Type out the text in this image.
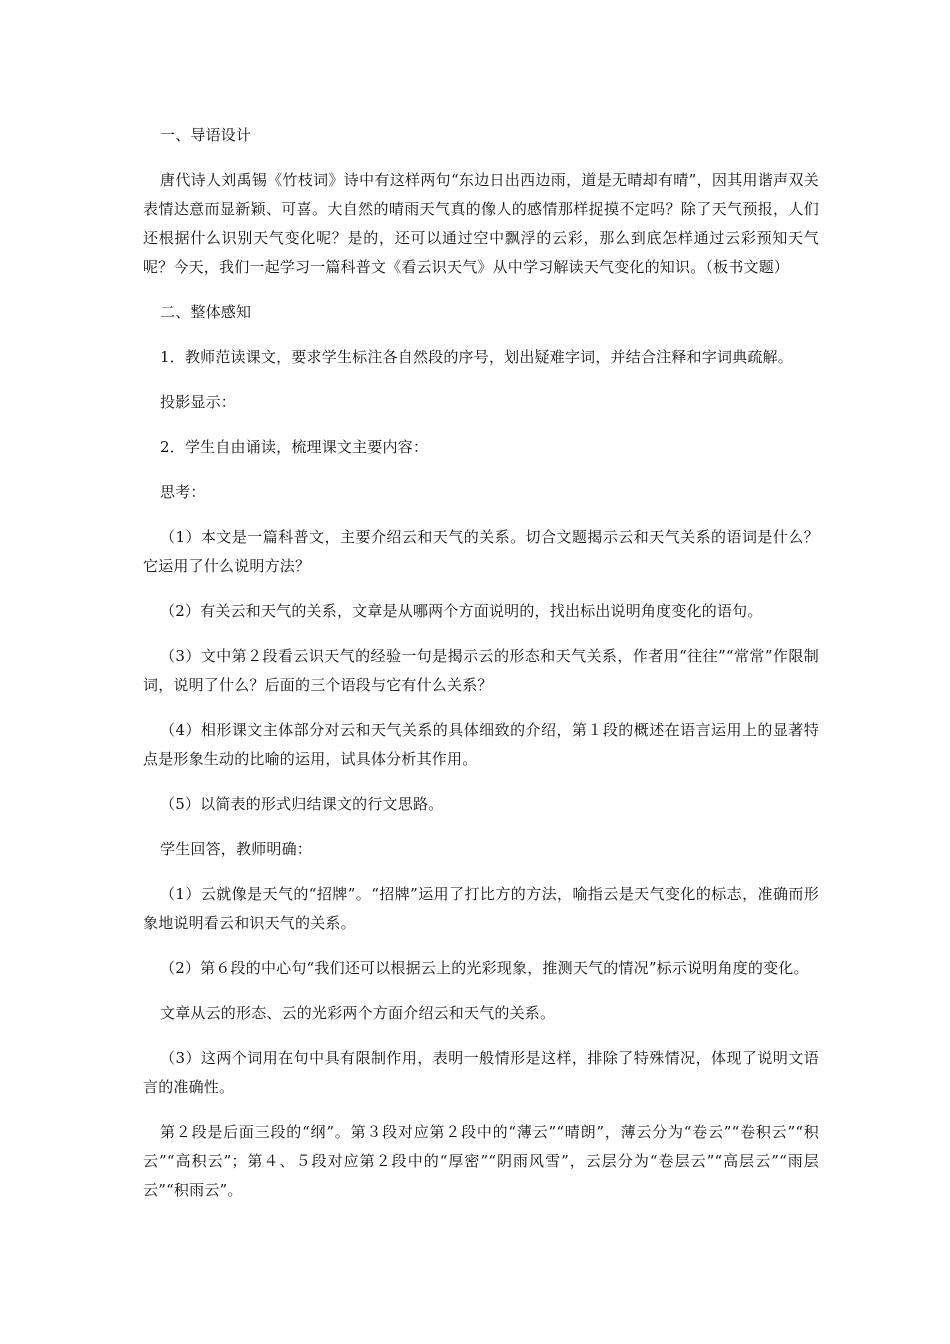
一、导语设计

唐代诗人刘禹锡《竹枝词》诗中有这样两句“东边日出西边雨，道是无晴却有晴”，因其用谐声双关表情达意而显新颖、可喜。大自然的晴雨天气真的像人的感情那样捉摸不定吗？除了天气预报，人们还根据什么识别天气变化呢？是的，还可以通过空中飘浮的云彩，那么到底怎样通过云彩预知天气呢？今天，我们一起学习一篇科普文《看云识天气》从中学习解读天气变化的知识。（板书文题）

二、整体感知

1．教师范读课文，要求学生标注各自然段的序号，划出疑难字词，并结合注释和字词典疏解。

投影显示：

2．学生自由诵读，梳理课文主要内容：

思考：

（1）本文是一篇科普文，主要介绍云和天气的关系。切合文题揭示云和天气关系的语词是什么？它运用了什么说明方法？

（2）有关云和天气的关系，文章是从哪两个方面说明的，找出标出说明角度变化的语句。

（3）文中第２段看云识天气的经验一句是揭示云的形态和天气关系，作者用“往往”“常常”作限制词，说明了什么？后面的三个语段与它有什么关系？

（4）相形课文主体部分对云和天气关系的具体细致的介绍，第１段的概述在语言运用上的显著特点是形象生动的比喻的运用，试具体分析其作用。

（5）以简表的形式归结课文的行文思路。

学生回答，教师明确：

（1）云就像是天气的“招牌”。“招牌”运用了打比方的方法，喻指云是天气变化的标志，准确而形象地说明看云和识天气的关系。

（2）第６段的中心句“我们还可以根据云上的光彩现象，推测天气的情况”标示说明角度的变化。

文章从云的形态、云的光彩两个方面介绍云和天气的关系。

（3）这两个词用在句中具有限制作用，表明一般情形是这样，排除了特殊情况，体现了说明文语言的准确性。

第２段是后面三段的“纲”。第３段对应第２段中的“薄云”“晴朗”，薄云分为“卷云”“卷积云”“积云”“高积云”；第４、５段对应第２段中的“厚密”“阴雨风雪”，云层分为“卷层云”“高层云”“雨层云”“积雨云”。
